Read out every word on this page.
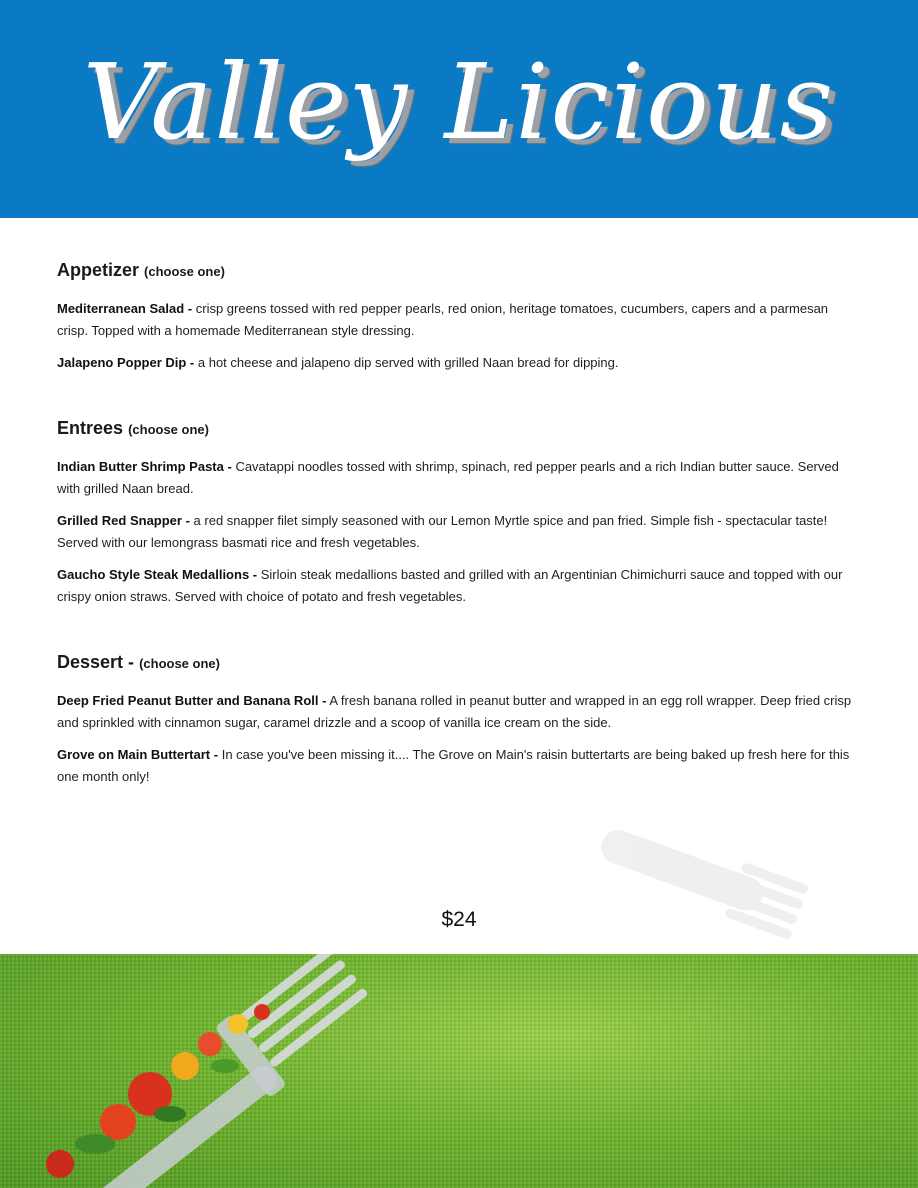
Valley Licious

Appetizer (choose one)

Mediterranean Salad - crisp greens tossed with red pepper pearls, red onion, heritage tomatoes, cucumbers, capers and a parmesan crisp. Topped with a homemade Mediterranean style dressing.

Jalapeno Popper Dip - a hot cheese and jalapeno dip served with grilled Naan bread for dipping.

Entrees (choose one)

Indian Butter Shrimp Pasta - Cavatappi noodles tossed with shrimp, spinach, red pepper pearls and a rich Indian butter sauce. Served with grilled Naan bread.

Grilled Red Snapper - a red snapper filet simply seasoned with our Lemon Myrtle spice and pan fried. Simple fish - spectacular taste! Served with our lemongrass basmati rice and fresh vegetables.

Gaucho Style Steak Medallions - Sirloin steak medallions basted and grilled with an Argentinian Chimichurri sauce and topped with our crispy onion straws. Served with choice of potato and fresh vegetables.

Dessert - (choose one)

Deep Fried Peanut Butter and Banana Roll - A fresh banana rolled in peanut butter and wrapped in an egg roll wrapper. Deep fried crisp and sprinkled with cinnamon sugar, caramel drizzle and a scoop of vanilla ice cream on the side.

Grove on Main Buttertart - In case you've been missing it.... The Grove on Main's raisin buttertarts are being baked up fresh here for this one month only!

$24
